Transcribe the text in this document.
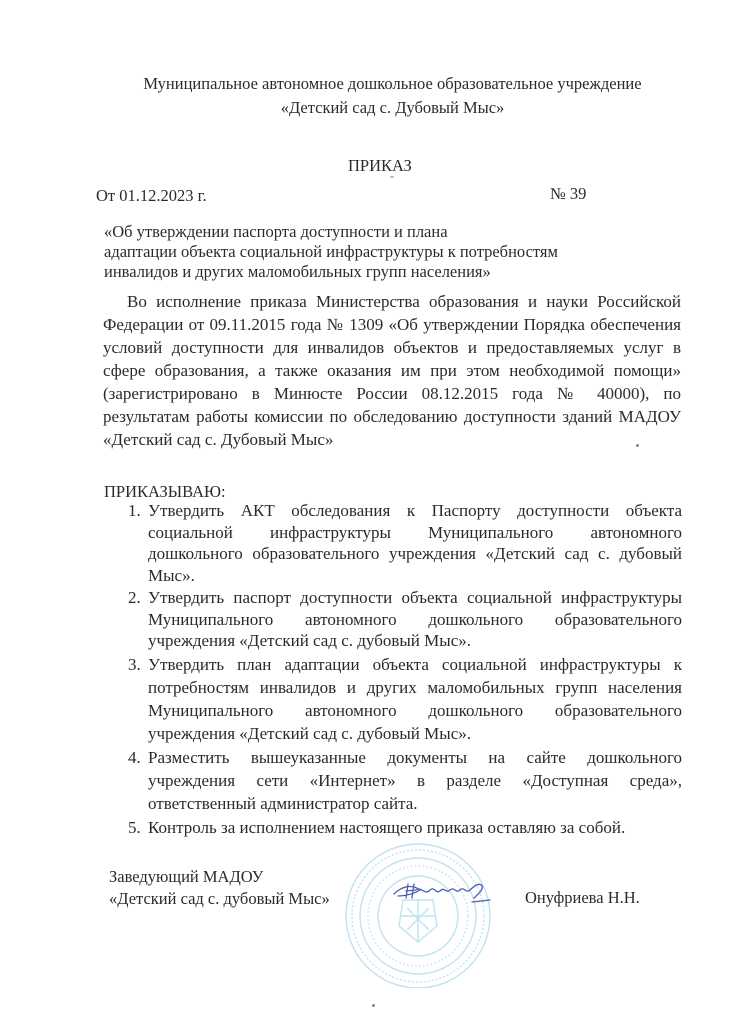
Муниципальное автономное дошкольное образовательное учреждение
«Детский сад с. Дубовый Мыс»
ПРИКАЗ
От 01.12.2023 г.	№ 39
«Об утверждении паспорта доступности и плана
адаптации объекта социальной инфраструктуры к потребностям
инвалидов и других маломобильных групп населения»
Во исполнение приказа Министерства образования и науки Российской Федерации от 09.11.2015 года № 1309 «Об утверждении Порядка обеспечения условий доступности для инвалидов объектов и предоставляемых услуг в сфере образования, а также оказания им при этом необходимой помощи» (зарегистрировано в Минюсте России 08.12.2015 года № 40000), по результатам работы комиссии по обследованию доступности зданий МАДОУ «Детский сад с. Дубовый Мыс»
ПРИКАЗЫВАЮ:
1. Утвердить АКТ обследования к Паспорту доступности объекта социальной инфраструктуры Муниципального автономного дошкольного образовательного учреждения «Детский сад с. дубовый Мыс».
2. Утвердить паспорт доступности объекта социальной инфраструктуры Муниципального автономного дошкольного образовательного учреждения «Детский сад с. дубовый Мыс».
3. Утвердить план адаптации объекта социальной инфраструктуры к потребностям инвалидов и других маломобильных групп населения Муниципального автономного дошкольного образовательного учреждения «Детский сад с. дубовый Мыс».
4. Разместить вышеуказанные документы на сайте дошкольного учреждения сети «Интернет» в разделе «Доступная среда», ответственный администратор сайта.
5. Контроль за исполнением настоящего приказа оставляю за собой.
Заведующий МАДОУ
«Детский сад с. дубовый Мыс»	Онуфриева Н.Н.
